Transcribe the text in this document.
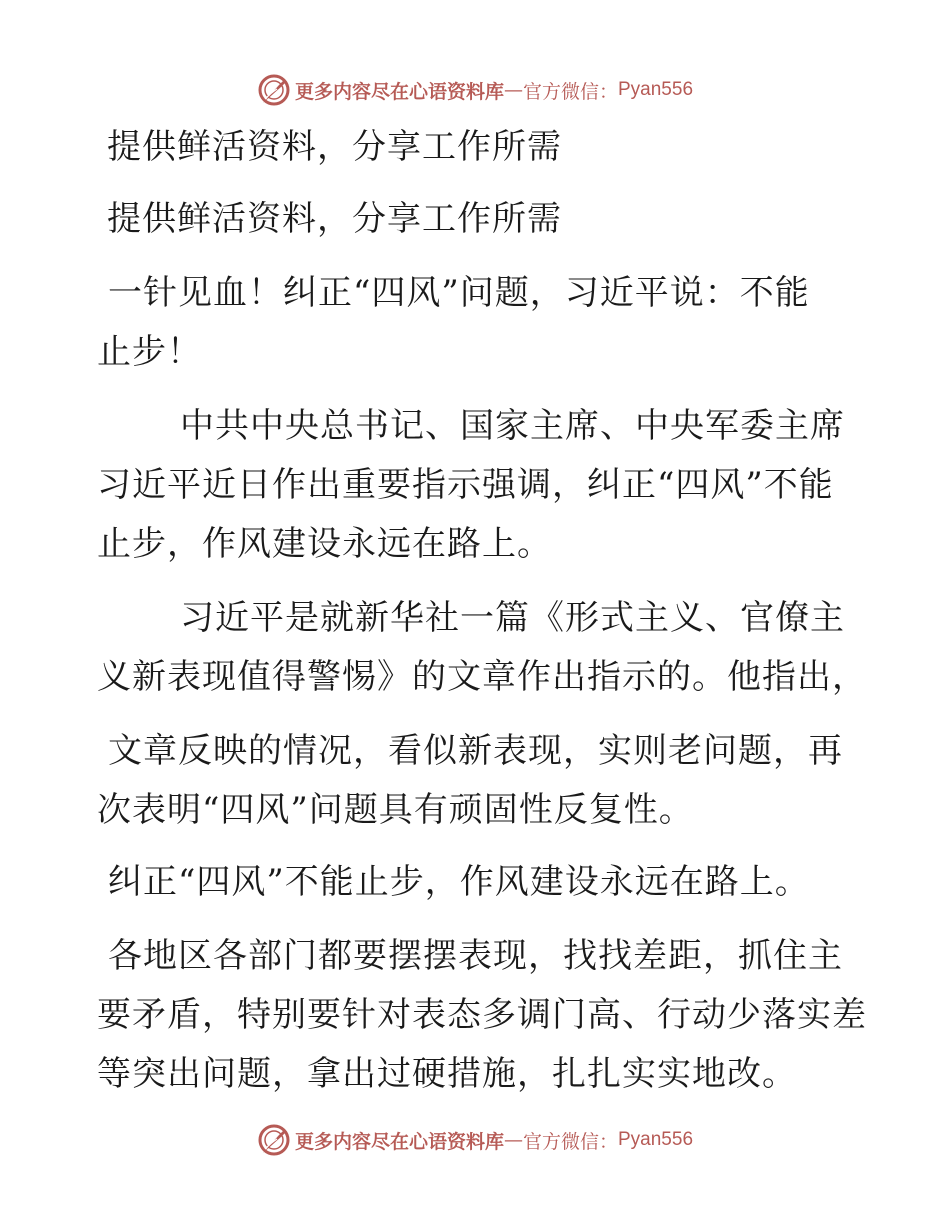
更多内容尽在心语资料库 — 官方微信： Pyan556
提供鲜活资料，分享工作所需
提供鲜活资料，分享工作所需
一针见血！纠正“四风”问题，习近平说：不能
止步！
中共中央总书记、国家主席、中央军委主席
习近平近日作出重要指示强调，纠正“四风”不能
止步，作风建设永远在路上。
习近平是就新华社一篇《形式主义、官僚主
义新表现值得警惕》的文章作出指示的。他指出，
文章反映的情况，看似新表现，实则老问题，再
次表明“四风”问题具有顽固性反复性。
纠正“四风”不能止步，作风建设永远在路上。
各地区各部门都要摆摆表现，找找差距，抓住主
要矛盾，特别要针对表态多调门高、行动少落实差
等突出问题，拿出过硬措施，扎扎实实地改。
更多内容尽在心语资料库 — 官方微信： Pyan556
